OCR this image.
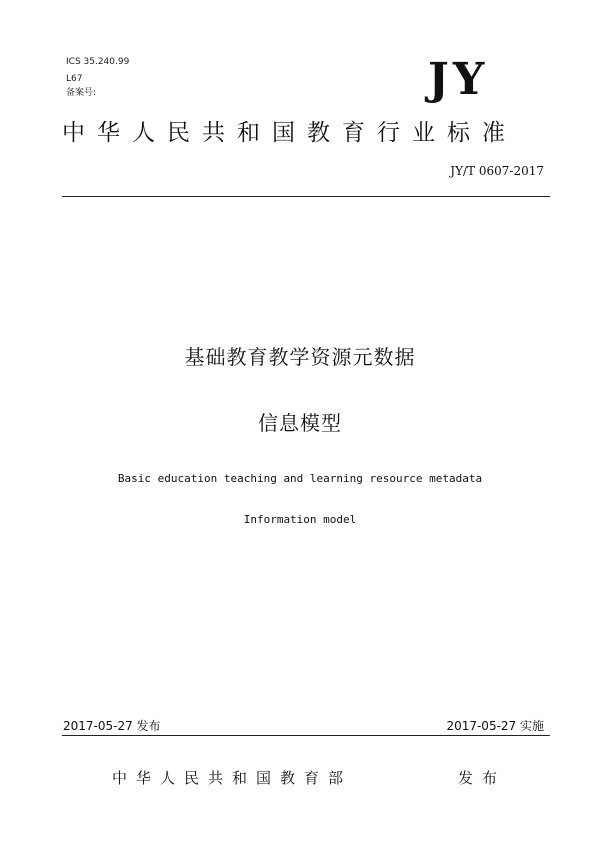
ICS 35.240.99
L67
备案号:	JY
中华人民共和国教育行业标准
JY/T 0607-2017
基础教育教学资源元数据
信息模型
Basic education teaching and learning resource metadata
Information model
2017-05-27 发布	2017-05-27 实施
中华人民共和国教育部	发布
